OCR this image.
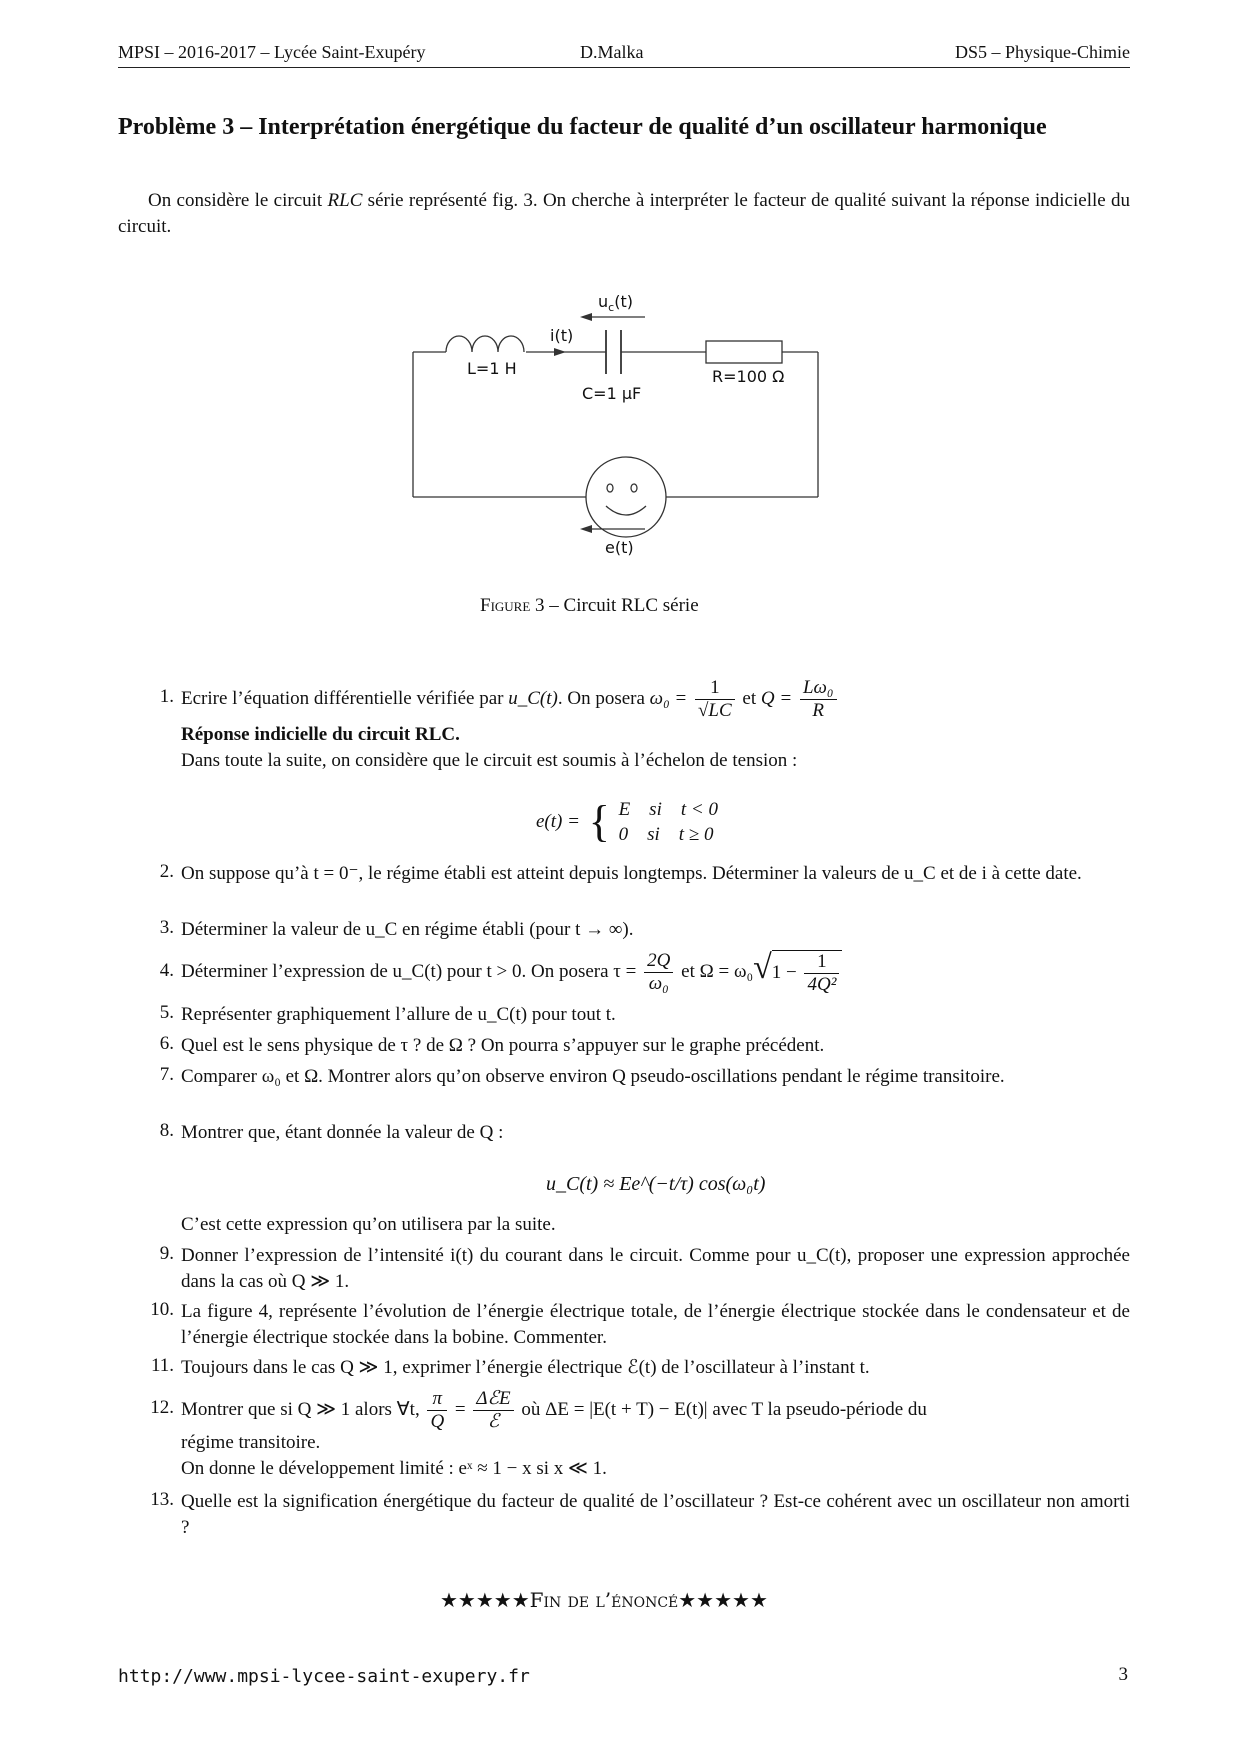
MPSI – 2016-2017 – Lycée Saint-Exupéry	D.Malka	DS5 – Physique-Chimie
Problème 3 – Interprétation énergétique du facteur de qualité d’un oscillateur harmonique
On considère le circuit RLC série représenté fig. 3. On cherche à interpréter le facteur de qualité suivant la réponse indicielle du circuit.
L=1 H
C=1 µF
R=100 Ω
i(t)
$u_c(t)$
e(t)
Figure 3 – Circuit RLC série
1. Ecrire l’équation différentielle vérifiée par u_C(t). On posera $\omega_0 = \frac{1}{√LC}$ et $Q = \frac{\text{Lω₀}}{R}$
Réponse indicielle du circuit RLC.
Dans toute la suite, on considère que le circuit est soumis à l’échelon de tension :
e(t) = { E    si    t < 0
0    si    t ≥ 0
2. On suppose qu’à t = 0⁻, le régime établi est atteint depuis longtemps. Déterminer la valeurs de u_C et de i à cette date.
3. Déterminer la valeur de u_C en régime établi (pour t → ∞).
4. Déterminer l’expression de u_C(t) pour t > 0. On posera $\tau = \frac{2Q}{\text{ω₀}}$ et $\Omega = \omega_0√1 - \frac{1}{\text{4Q²}}$
5. Représenter graphiquement l’allure de u_C(t) pour tout t.
6. Quel est le sens physique de τ ? de Ω ? On pourra s’appuyer sur le graphe précédent.
7. Comparer ω₀ et Ω. Montrer alors qu’on observe environ Q pseudo-oscillations pendant le régime transitoire.
8. Montrer que, étant donnée la valeur de Q :
u_C(t) ≈ Ee^(−t/τ) cos(ω₀t)
C’est cette expression qu’on utilisera par la suite.
9. Donner l’expression de l’intensité i(t) du courant dans le circuit. Comme pour u_C(t), proposer une expression approchée dans la cas où Q ≫ 1.
10. La figure 4, représente l’évolution de l’énergie électrique totale, de l’énergie électrique stockée dans le condensateur et de l’énergie électrique stockée dans la bobine. Commenter.
11. Toujours dans le cas Q ≫ 1, exprimer l’énergie électrique ℰ(t) de l’oscillateur à l’instant t.
12. Montrer que si Q ≫ 1 alors ∀t, $\frac{\pi}{Q} = \frac{\text{ΔℰE}}{\text{ℰ}}$ où ΔE = |E(t + T) − E(t)| avec T la pseudo-période du
régime transitoire.
On donne le développement limité : eˣ ≈ 1 − x si x ≪ 1.
13. Quelle est la signification énergétique du facteur de qualité de l’oscillateur ? Est-ce cohérent avec un oscillateur non amorti ?
★★★★★Fin de l’énoncé★★★★★
http://www.mpsi-lycee-saint-exupery.fr	3
